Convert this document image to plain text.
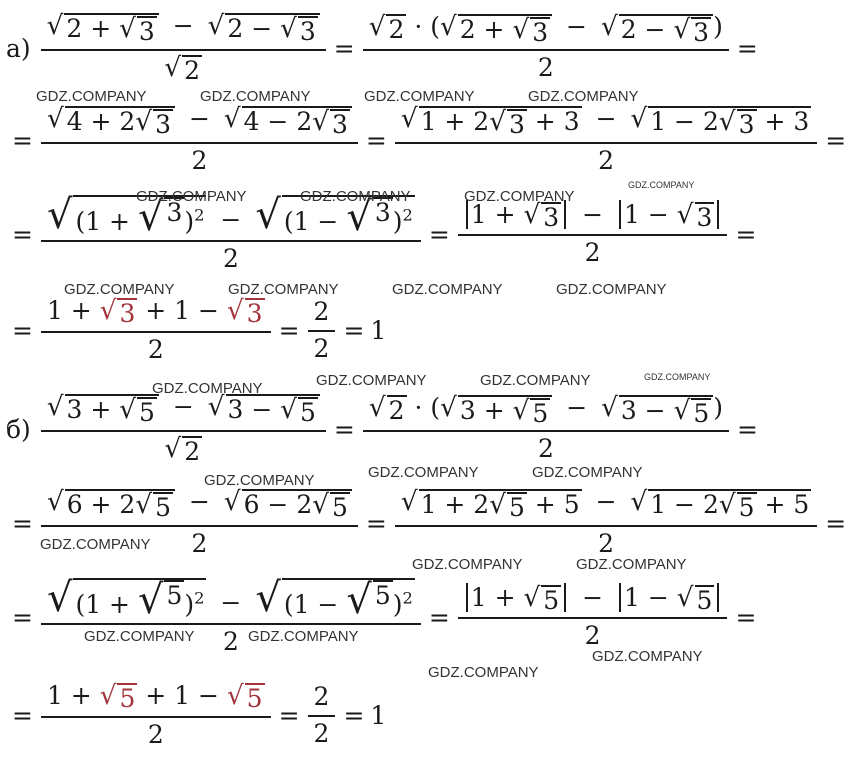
$а) \frac{√ 2 + √ 3 - √ 2 - √ 3}{√ 2} = \frac{√ 2 \cdot ( √ 2 + √ 3 - √ 2 - √ 3 )}{2}$ =
= $\frac{√ 4 + 2 √ 3 - √ 4 - 2 √ 3}{2} = \frac{√ 1 + 2 √ 3 + 3 - √ 1 - 2 √ 3 + 3}{2}$ =
= $\frac{√ (1 + √ 3 )^2 - √ (1 - √ 3 )^2}{2} = \frac{1 + √ 3 - 1 - √ 3}{2}$ =
= $\frac{1 + √ 3 + 1 - √ 3}{2} = \frac{2}{2} = 1$
$б) \frac{√ 3 + √ 5 - √ 3 - √ 5}{√ 2} = \frac{√ 2 \cdot ( √ 3 + √ 5 - √ 3 - √ 5 )}{2}$ =
= $\frac{√ 6 + 2 √ 5 - √ 6 - 2 √ 5}{2} = \frac{√ 1 + 2 √ 5 + 5 - √ 1 - 2 √ 5 + 5}{2}$ =
= $\frac{√ (1 + √ 5 )^2 - √ (1 - √ 5 )^2}{2} = \frac{1 + √ 5 - 1 - √ 5}{2}$ =
= $\frac{1 + √ 5 + 1 - √ 5}{2} = \frac{2}{2} = 1$
GDZ.COMPANY	GDZ.COMPANY	GDZ.COMPANY	GDZ.COMPANY
GDZ.COMPANY	GDZ.COMPANY	GDZ.COMPANY
GDZ.COMPANY
GDZ.COMPANY	GDZ.COMPANY	GDZ.COMPANY	GDZ.COMPANY
GDZ.COMPANY	GDZ.COMPANY	GDZ.COMPANY	GDZ.COMPANY
GDZ.COMPANY	GDZ.COMPANY
GDZ.COMPANY
GDZ.COMPANY
GDZ.COMPANY	GDZ.COMPANY
GDZ.COMPANY	GDZ.COMPANY
GDZ.COMPANY
GDZ.COMPANY
